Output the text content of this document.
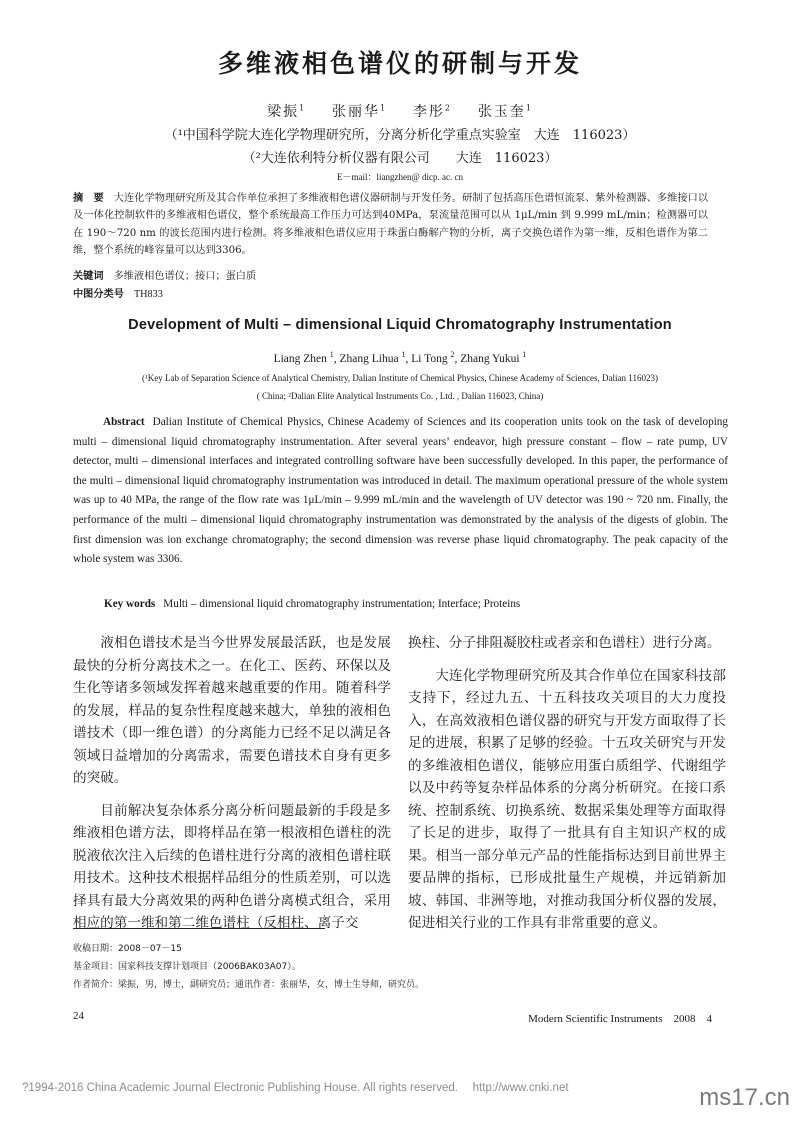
多维液相色谱仪的研制与开发
梁振$^1$ 张丽华$^1$ 李彤$^2$ 张玉奎$^1$
（¹中国科学院大连化学物理研究所，分离分析化学重点实验室　大连　116023）
（²大连依利特分析仪器有限公司　　大连　116023）
E－mail：liangzhen@ dicp. ac. cn
摘　要 大连化学物理研究所及其合作单位承担了多维液相色谱仪器研制与开发任务。研制了包括高压色谱恒流泵、紫外检测器、多维接口以及一体化控制软件的多维液相色谱仪，整个系统最高工作压力可达到40MPa，泵流量范围可以从 1μL/min 到 9.999 mL/min；检测器可以在 190～720 nm 的波长范围内进行检测。将多维液相色谱仪应用于珠蛋白酶解产物的分析，离子交换色谱作为第一维，反相色谱作为第二维，整个系统的峰容量可以达到3306。
关键词 多维液相色谱仪；接口；蛋白质
中图分类号 TH833
Development of Multi – dimensional Liquid Chromatography Instrumentation
Liang Zhen $^1$, Zhang Lihua $^1$, Li Tong $^2$, Zhang Yukui $^1$
(¹Key Lab of Separation Science of Analytical Chemistry, Dalian Institute of Chemical Physics, Chinese Academy of Sciences, Dalian 116023)
( China; ²Dalian Elite Analytical Instruments Co. , Ltd. , Dalian 116023, China)
Abstract Dalian Institute of Chemical Physics, Chinese Academy of Sciences and its cooperation units took on the task of developing multi – dimensional liquid chromatography instrumentation. After several years’ endeavor, high pressure constant – flow – rate pump, UV detector, multi – dimensional interfaces and integrated controlling software have been successfully developed. In this paper, the performance of the multi – dimensional liquid chromatography instrumentation was introduced in detail. The maximum operational pressure of the whole system was up to 40 MPa, the range of the flow rate was 1μL/min – 9.999 mL/min and the wavelength of UV detector was 190 ~ 720 nm. Finally, the performance of the multi – dimensional liquid chromatography instrumentation was demonstrated by the analysis of the digests of globin. The first dimension was ion exchange chromatography; the second dimension was reverse phase liquid chromatography. The peak capacity of the whole system was 3306.
Key words Multi – dimensional liquid chromatography instrumentation; Interface; Proteins

液相色谱技术是当今世界发展最活跃，也是发展最快的分析分离技术之一。在化工、医药、环保以及生化等诸多领域发挥着越来越重要的作用。随着科学的发展，样品的复杂性程度越来越大，单独的液相色谱技术（即一维色谱）的分离能力已经不足以满足各领域日益增加的分离需求，需要色谱技术自身有更多的突破。

目前解决复杂体系分离分析问题最新的手段是多维液相色谱方法，即将样品在第一根液相色谱柱的洗脱液依次注入后续的色谱柱进行分离的液相色谱柱联用技术。这种技术根据样品组分的性质差别，可以选择具有最大分离效果的两种色谱分离模式组合，采用相应的第一维和第二维色谱柱（反相柱、离子交

换柱、分子排阻凝胶柱或者亲和色谱柱）进行分离。

大连化学物理研究所及其合作单位在国家科技部支持下，经过九五、十五科技攻关项目的大力度投入，在高效液相色谱仪器的研究与开发方面取得了长足的进展，积累了足够的经验。十五攻关研究与开发的多维液相色谱仪，能够应用蛋白质组学、代谢组学以及中药等复杂样品体系的分离分析研究。在接口系统、控制系统、切换系统、数据采集处理等方面取得了长足的进步，取得了一批具有自主知识产权的成果。相当一部分单元产品的性能指标达到目前世界主要品牌的指标，已形成批量生产规模，并远销新加坡、韩国、非洲等地，对推动我国分析仪器的发展，促进相关行业的工作具有非常重要的意义。

收稿日期：2008－07－15
基金项目：国家科技支撑计划项目（2006BAK03A07）。
作者简介：梁振，男，博士，副研究员；通讯作者：张丽华，女，博士生导师，研究员。
24	Modern Scientific Instruments　2008　4
?1994-2016 China Academic Journal Electronic Publishing House. All rights reserved.　 http://www.cnki.net	ms17.cn
